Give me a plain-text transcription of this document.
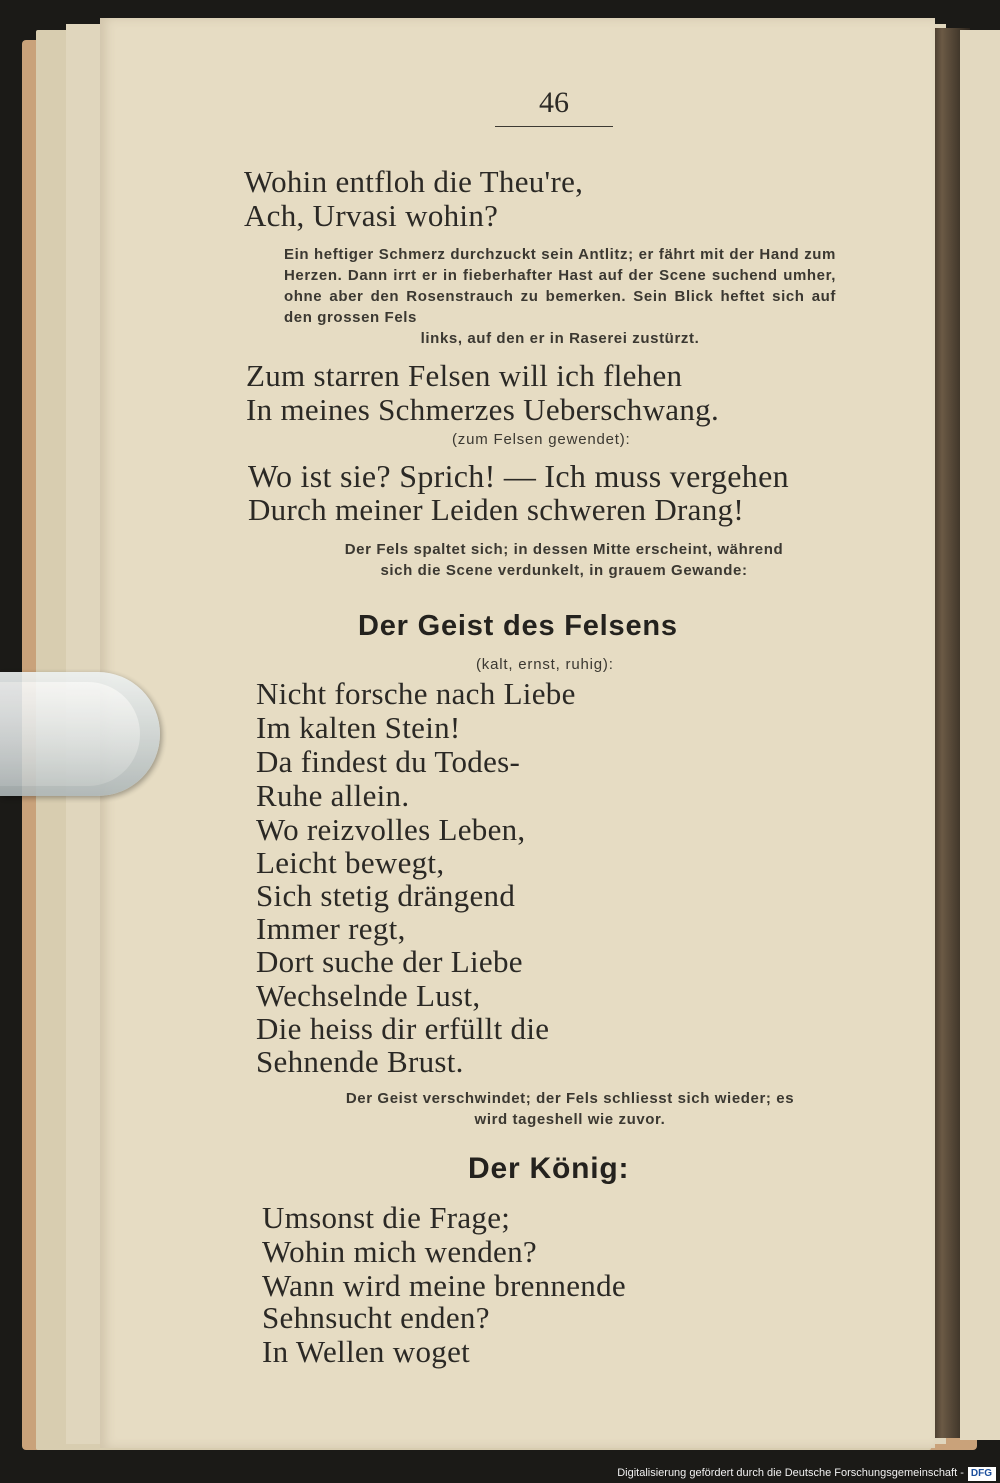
46
Wohin entfloh die Theu're,
Ach, Urvasi wohin?
Ein heftiger Schmerz durchzuckt sein Antlitz; er fährt mit der Hand zum Herzen. Dann irrt er in fieberhafter Hast auf der Scene suchend umher, ohne aber den Rosenstrauch zu bemerken. Sein Blick heftet sich auf den grossen Fels
links, auf den er in Raserei zustürzt.
Zum starren Felsen will ich flehen
In meines Schmerzes Ueberschwang.
(zum Felsen gewendet):
Wo ist sie? Sprich! — Ich muss vergehen
Durch meiner Leiden schweren Drang!
Der Fels spaltet sich; in dessen Mitte erscheint, während
sich die Scene verdunkelt, in grauem Gewande:
Der Geist des Felsens
(kalt, ernst, ruhig):
Nicht forsche nach Liebe
Im kalten Stein!
Da findest du Todes-
Ruhe allein.
Wo reizvolles Leben,
Leicht bewegt,
Sich stetig drängend
Immer regt,
Dort suche der Liebe
Wechselnde Lust,
Die heiss dir erfüllt die
Sehnende Brust.
Der Geist verschwindet; der Fels schliesst sich wieder; es
wird tageshell wie zuvor.
Der König:
Umsonst die Frage;
Wohin mich wenden?
Wann wird meine brennende
Sehnsucht enden?
In Wellen woget
Digitalisierung gefördert durch die Deutsche Forschungsgemeinschaft - DFG
